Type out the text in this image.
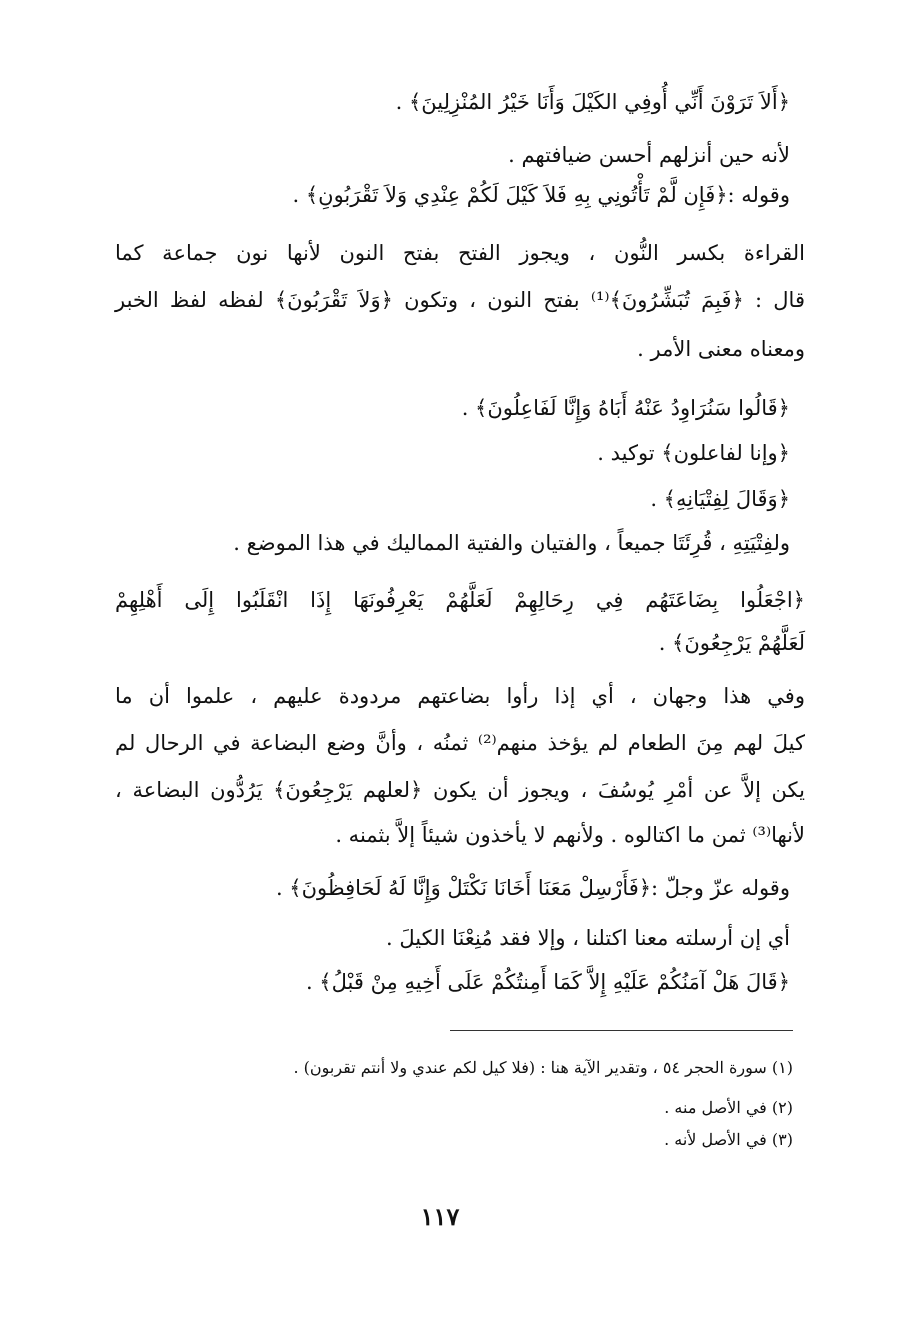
﴿أَلاَ تَرَوْنَ أَنِّي أُوفِي الكَيْلَ وَأَنَا خَيْرُ المُنْزِلِينَ﴾ .
لأنه حين أنزلهم أحسن ضيافتهم .
وقوله :﴿فَإِن لَّمْ تَأْتُونِي بِهِ فَلاَ كَيْلَ لَكُمْ عِنْدِي وَلاَ تَقْرَبُونِ﴾ .
القراءة بكسر النُّون ، ويجوز الفتح بفتح النون لأنها نون جماعة كما
قال : ﴿فَبِمَ تُبَشِّرُونَ﴾⁽¹⁾ بفتح النون ، وتكون ﴿وَلاَ تَقْرَبُونَ﴾ لفظه لفظ الخبر
ومعناه معنى الأمر .
﴿قَالُوا سَنُرَاوِدُ عَنْهُ أَبَاهُ وَإِنَّا لَفَاعِلُونَ﴾ .
﴿وإنا لفاعلون﴾ توكيد .
﴿وَقَالَ لِفِتْيَانِهِ﴾ .
ولفِتْيَتِهِ ، قُرِئَتَا جميعاً ، والفتيان والفتية المماليك في هذا الموضع .
﴿اجْعَلُوا بِضَاعَتَهُم فِي رِحَالِهِمْ لَعَلَّهُمْ يَعْرِفُونَهَا إِذَا انْقَلَبُوا إِلَى أَهْلِهِمْ
لَعَلَّهُمْ يَرْجِعُونَ﴾ .
وفي هذا وجهان ، أي إذا رأوا بضاعتهم مردودة عليهم ، علموا أن ما
كيلَ لهم مِنَ الطعام لم يؤخذ منهم⁽²⁾ ثمنُه ، وأنَّ وضع البضاعة في الرحال لم
يكن إلاَّ عن أمْرِ يُوسُفَ ، ويجوز أن يكون ﴿لعلهم يَرْجِعُونَ﴾ يَرُدُّون البضاعة ،
لأنها⁽³⁾ ثمن ما اكتالوه . ولأنهم لا يأخذون شيئاً إلاَّ بثمنه .
وقوله عزّ وجلّ :﴿فَأَرْسِلْ مَعَنَا أَخَانَا نَكْتَلْ وَإِنَّا لَهُ لَحَافِظُونَ﴾ .
أي إن أرسلته معنا اكتلنا ، وإلا فقد مُنِعْنَا الكيلَ .
﴿قَالَ هَلْ آمَنُكُمْ عَلَيْهِ إِلاَّ كَمَا أَمِنتُكُمْ عَلَى أَخِيهِ مِنْ قَبْلُ﴾ .
(١) سورة الحجر ٥٤ ، وتقدير الآية هنا : (فلا كيل لكم عندي ولا أنتم تقربون) .
(٢) في الأصل منه .
(٣) في الأصل لأنه .
١١٧
